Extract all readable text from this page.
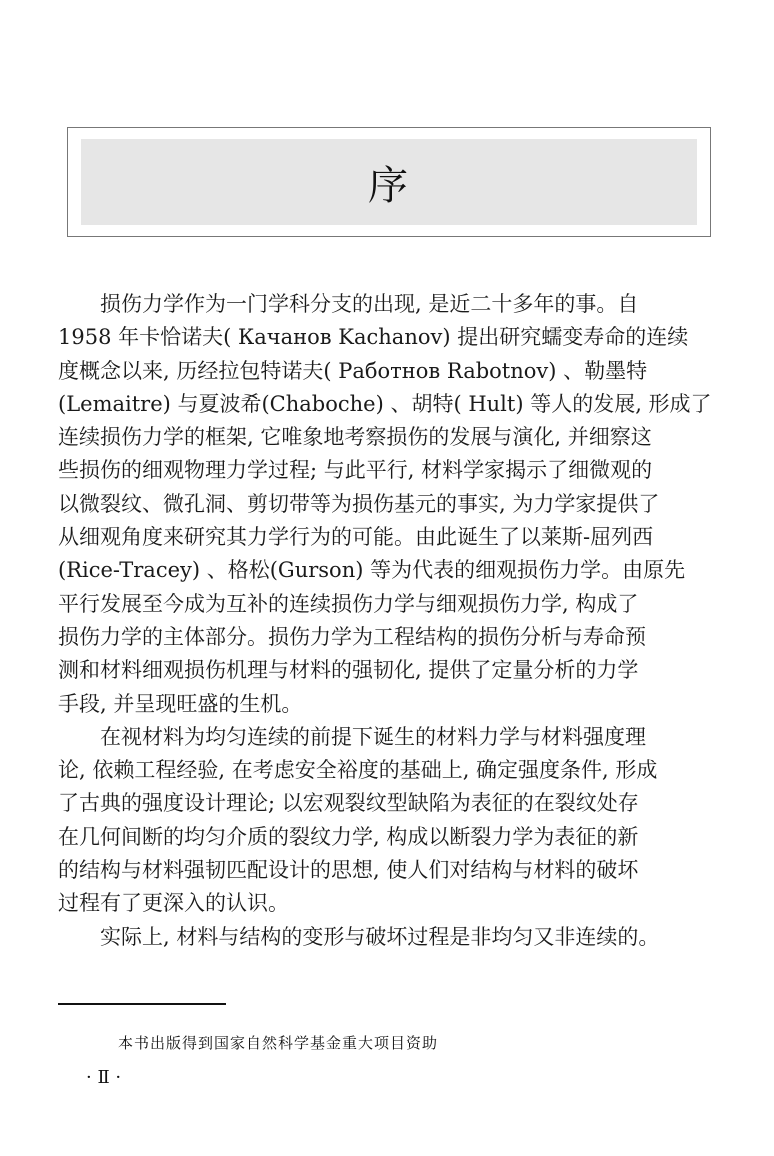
序

损伤力学作为一门学科分支的出现, 是近二十多年的事。自
1958 年卡恰诺夫( Качанов Kachanov) 提出研究蠕变寿命的连续
度概念以来, 历经拉包特诺夫( Работнов Rabotnov) 、勒墨特
(Lemaitre) 与夏波希(Chaboche) 、胡特( Hult) 等人的发展, 形成了
连续损伤力学的框架, 它唯象地考察损伤的发展与演化, 并细察这
些损伤的细观物理力学过程; 与此平行, 材料学家揭示了细微观的
以微裂纹、微孔洞、剪切带等为损伤基元的事实, 为力学家提供了
从细观角度来研究其力学行为的可能。由此诞生了以莱斯-屈列西
(Rice-Tracey) 、格松(Gurson) 等为代表的细观损伤力学。由原先
平行发展至今成为互补的连续损伤力学与细观损伤力学, 构成了
损伤力学的主体部分。损伤力学为工程结构的损伤分析与寿命预
测和材料细观损伤机理与材料的强韧化, 提供了定量分析的力学
手段, 并呈现旺盛的生机。

在视材料为均匀连续的前提下诞生的材料力学与材料强度理
论, 依赖工程经验, 在考虑安全裕度的基础上, 确定强度条件, 形成
了古典的强度设计理论; 以宏观裂纹型缺陷为表征的在裂纹处存
在几何间断的均匀介质的裂纹力学, 构成以断裂力学为表征的新
的结构与材料强韧匹配设计的思想, 使人们对结构与材料的破坏
过程有了更深入的认识。

实际上, 材料与结构的变形与破坏过程是非均匀又非连续的。

本书出版得到国家自然科学基金重大项目资助
· Ⅱ ·
